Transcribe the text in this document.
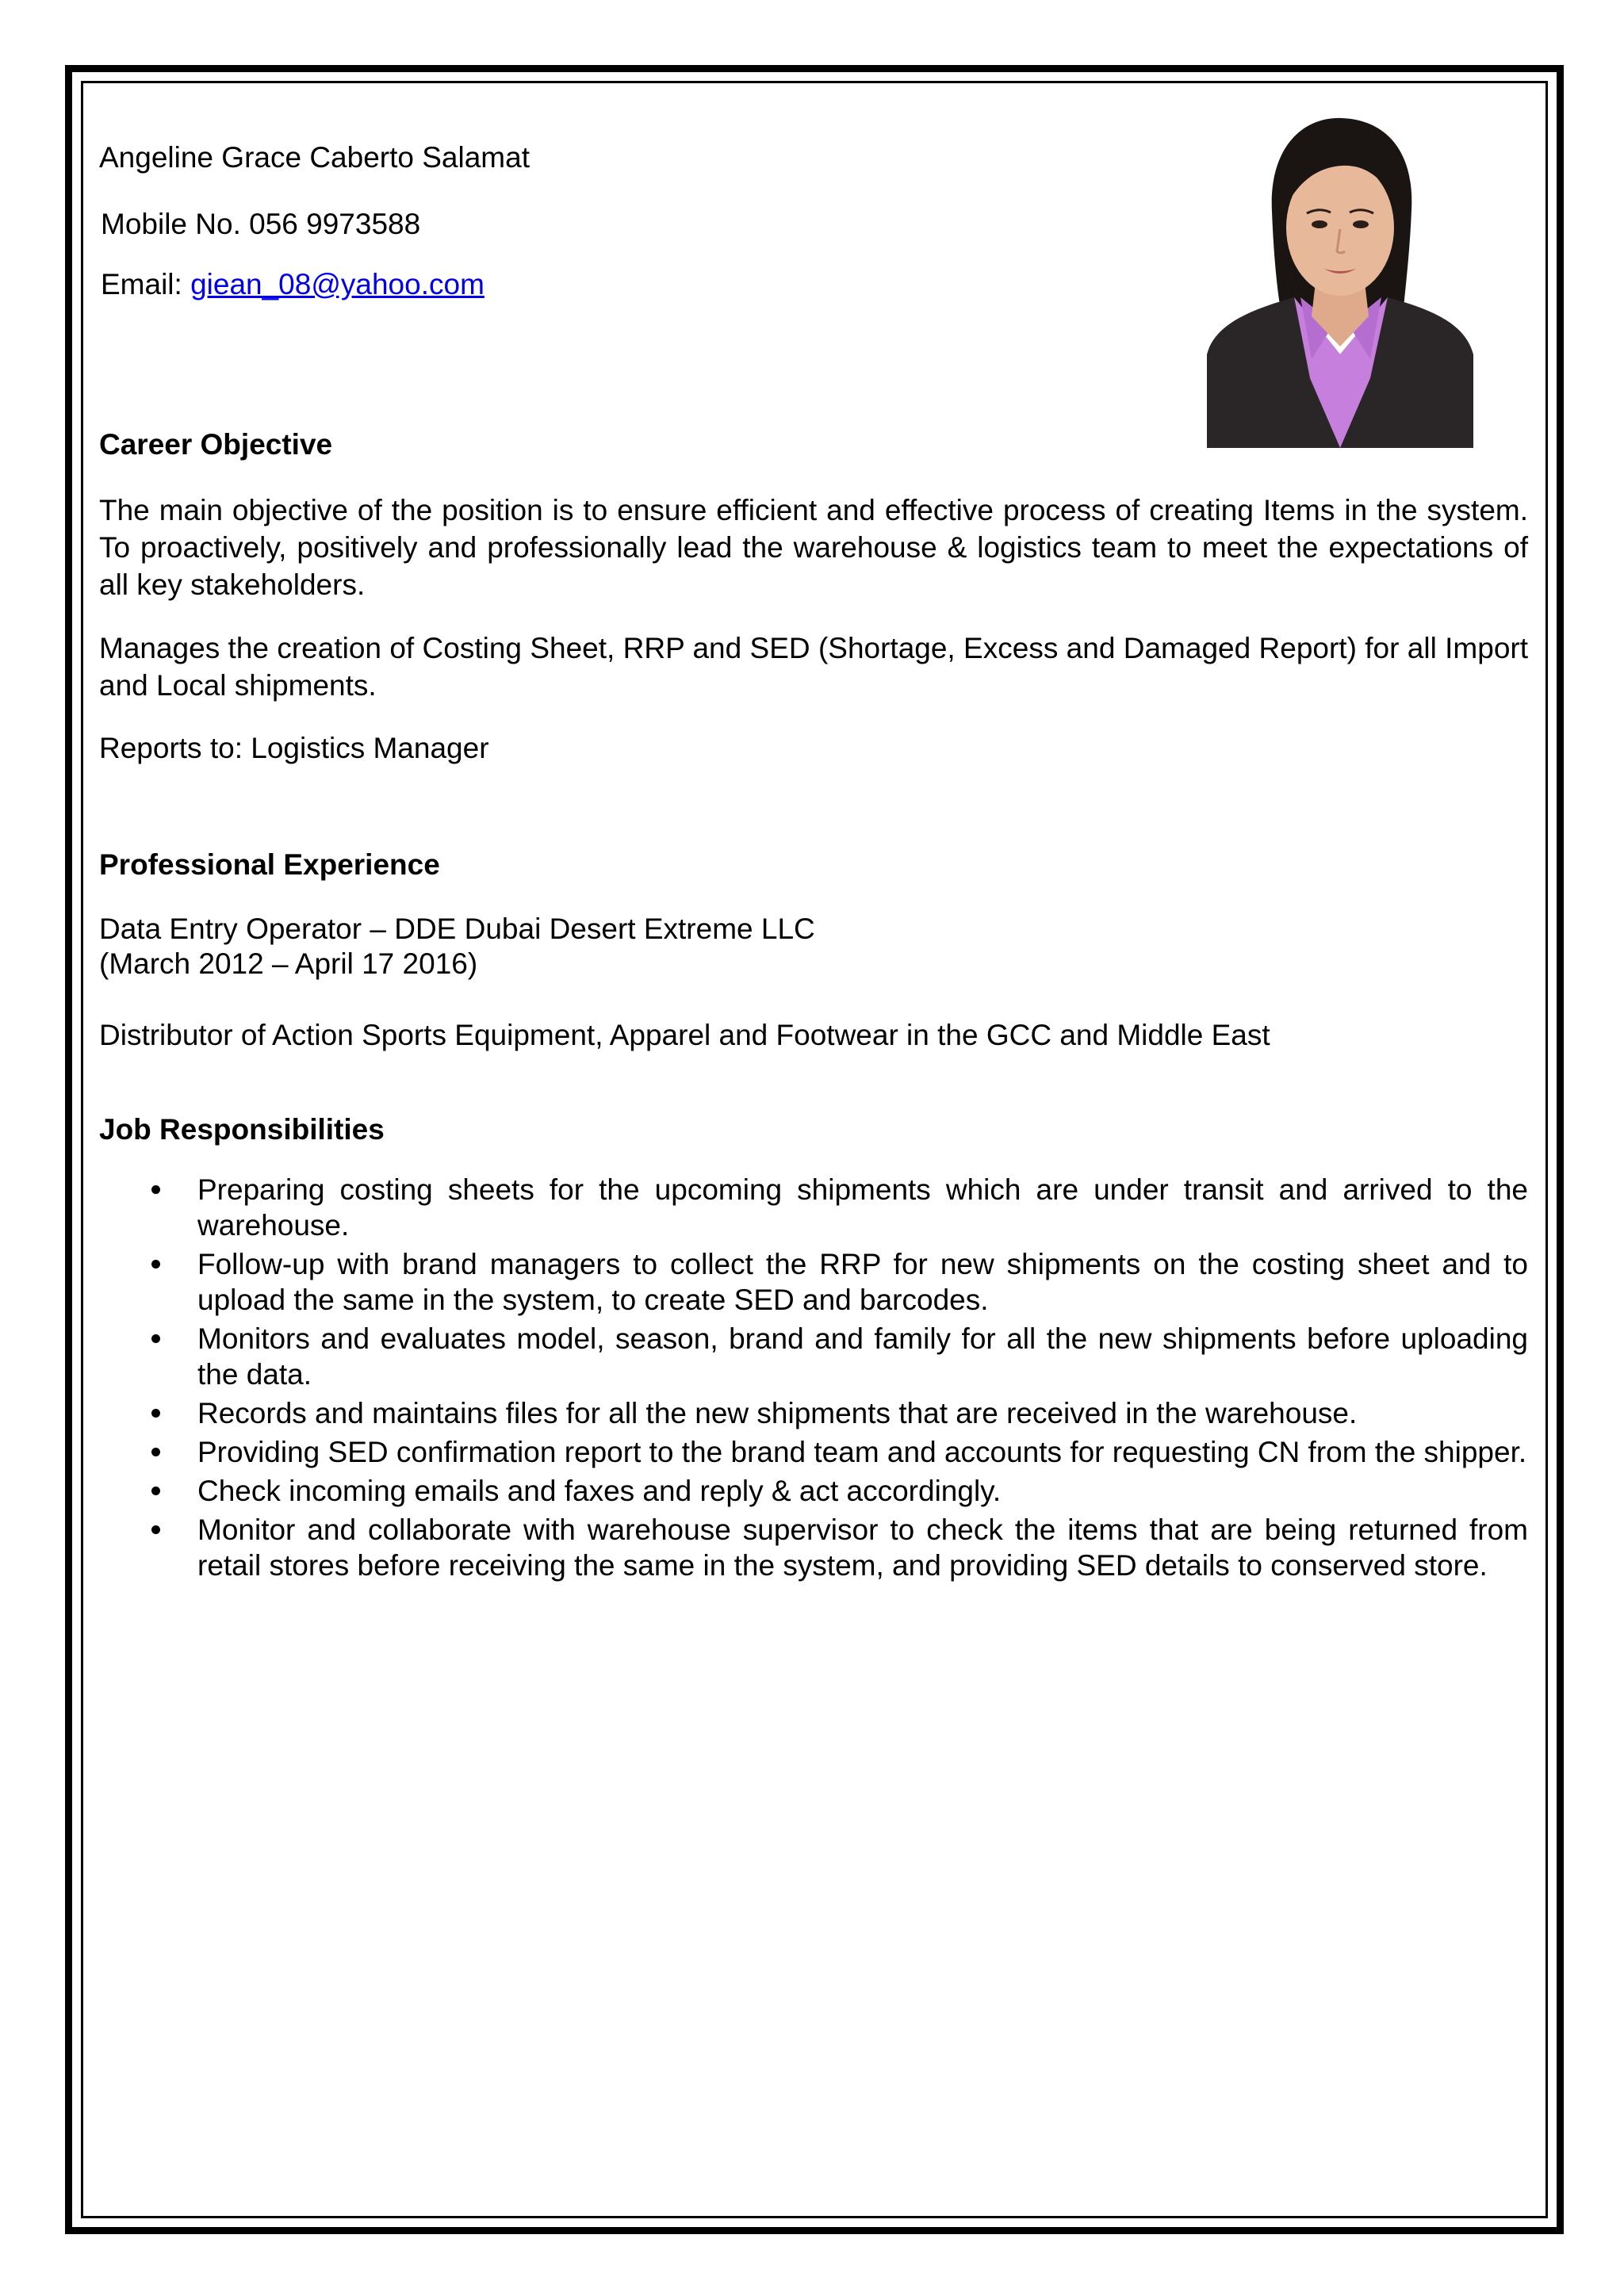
Angeline Grace Caberto Salamat

Mobile No. 056 9973588

Email: giean_08@yahoo.com

Career Objective

The main objective of the position is to ensure efficient and effective process of creating Items in the system. To proactively, positively and professionally lead the warehouse & logistics team to meet the expectations of all key stakeholders.

Manages the creation of Costing Sheet, RRP and SED (Shortage, Excess and Damaged Report) for all Import and Local shipments.

Reports to: Logistics Manager

Professional Experience

Data Entry Operator – DDE Dubai Desert Extreme LLC

(March 2012 – April 17 2016)

Distributor of Action Sports Equipment, Apparel and Footwear in the GCC and Middle East

Job Responsibilities

Preparing costing sheets for the upcoming shipments which are under transit and arrived to the warehouse.
Follow-up with brand managers to collect the RRP for new shipments on the costing sheet and to upload the same in the system, to create SED and barcodes.
Monitors and evaluates model, season, brand and family for all the new shipments before uploading the data.
Records and maintains files for all the new shipments that are received in the warehouse.
Providing SED confirmation report to the brand team and accounts for requesting CN from the shipper.
Check incoming emails and faxes and reply & act accordingly.
Monitor and collaborate with warehouse supervisor to check the items that are being returned from retail stores before receiving the same in the system, and providing SED details to conserved store.
